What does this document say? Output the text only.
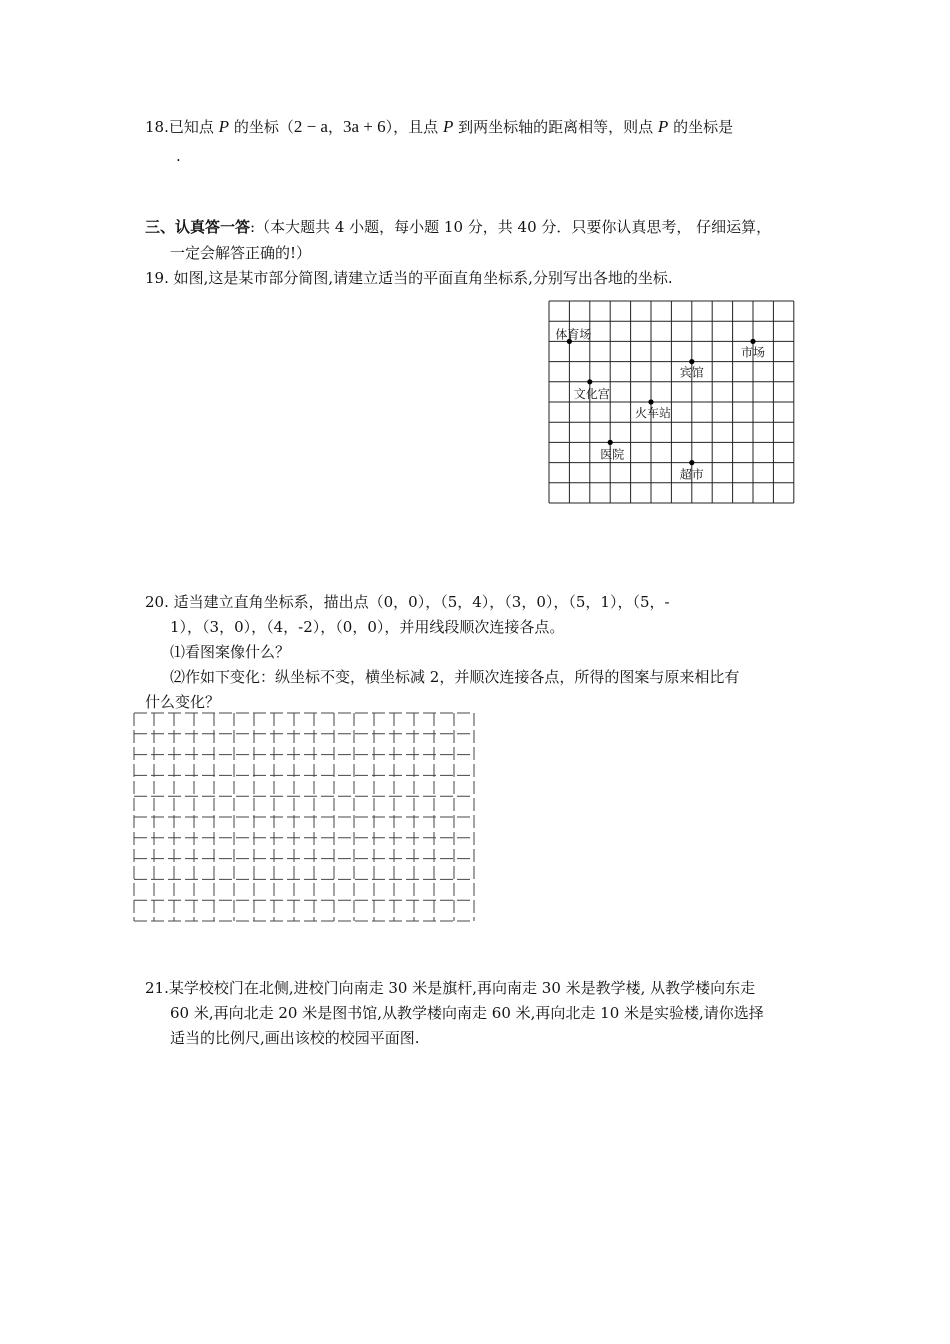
18.已知点 P 的坐标（2 − a，3a + 6），且点 P 到两坐标轴的距离相等，则点 P 的坐标是
.
三、认真答一答:（本大题共 4 小题，每小题 10 分，共 40 分．只要你认真思考， 仔细运算，
一定会解答正确的!）
19. 如图,这是某市部分简图,请建立适当的平面直角坐标系,分别写出各地的坐标.
体育场
市场
宾馆
文化宫
火车站
医院
超市
20. 适当建立直角坐标系，描出点（0，0），（5，4），（3，0），（5，1），（5，-
1），（3，0），（4，-2），（0，0），并用线段顺次连接各点。
⑴看图案像什么？
⑵作如下变化：纵坐标不变，横坐标减 2，并顺次连接各点，所得的图案与原来相比有
什么变化？
21.某学校校门在北侧,进校门向南走 30 米是旗杆,再向南走 30 米是教学楼, 从教学楼向东走
60 米,再向北走 20 米是图书馆,从教学楼向南走 60 米,再向北走 10 米是实验楼,请你选择
适当的比例尺,画出该校的校园平面图.
